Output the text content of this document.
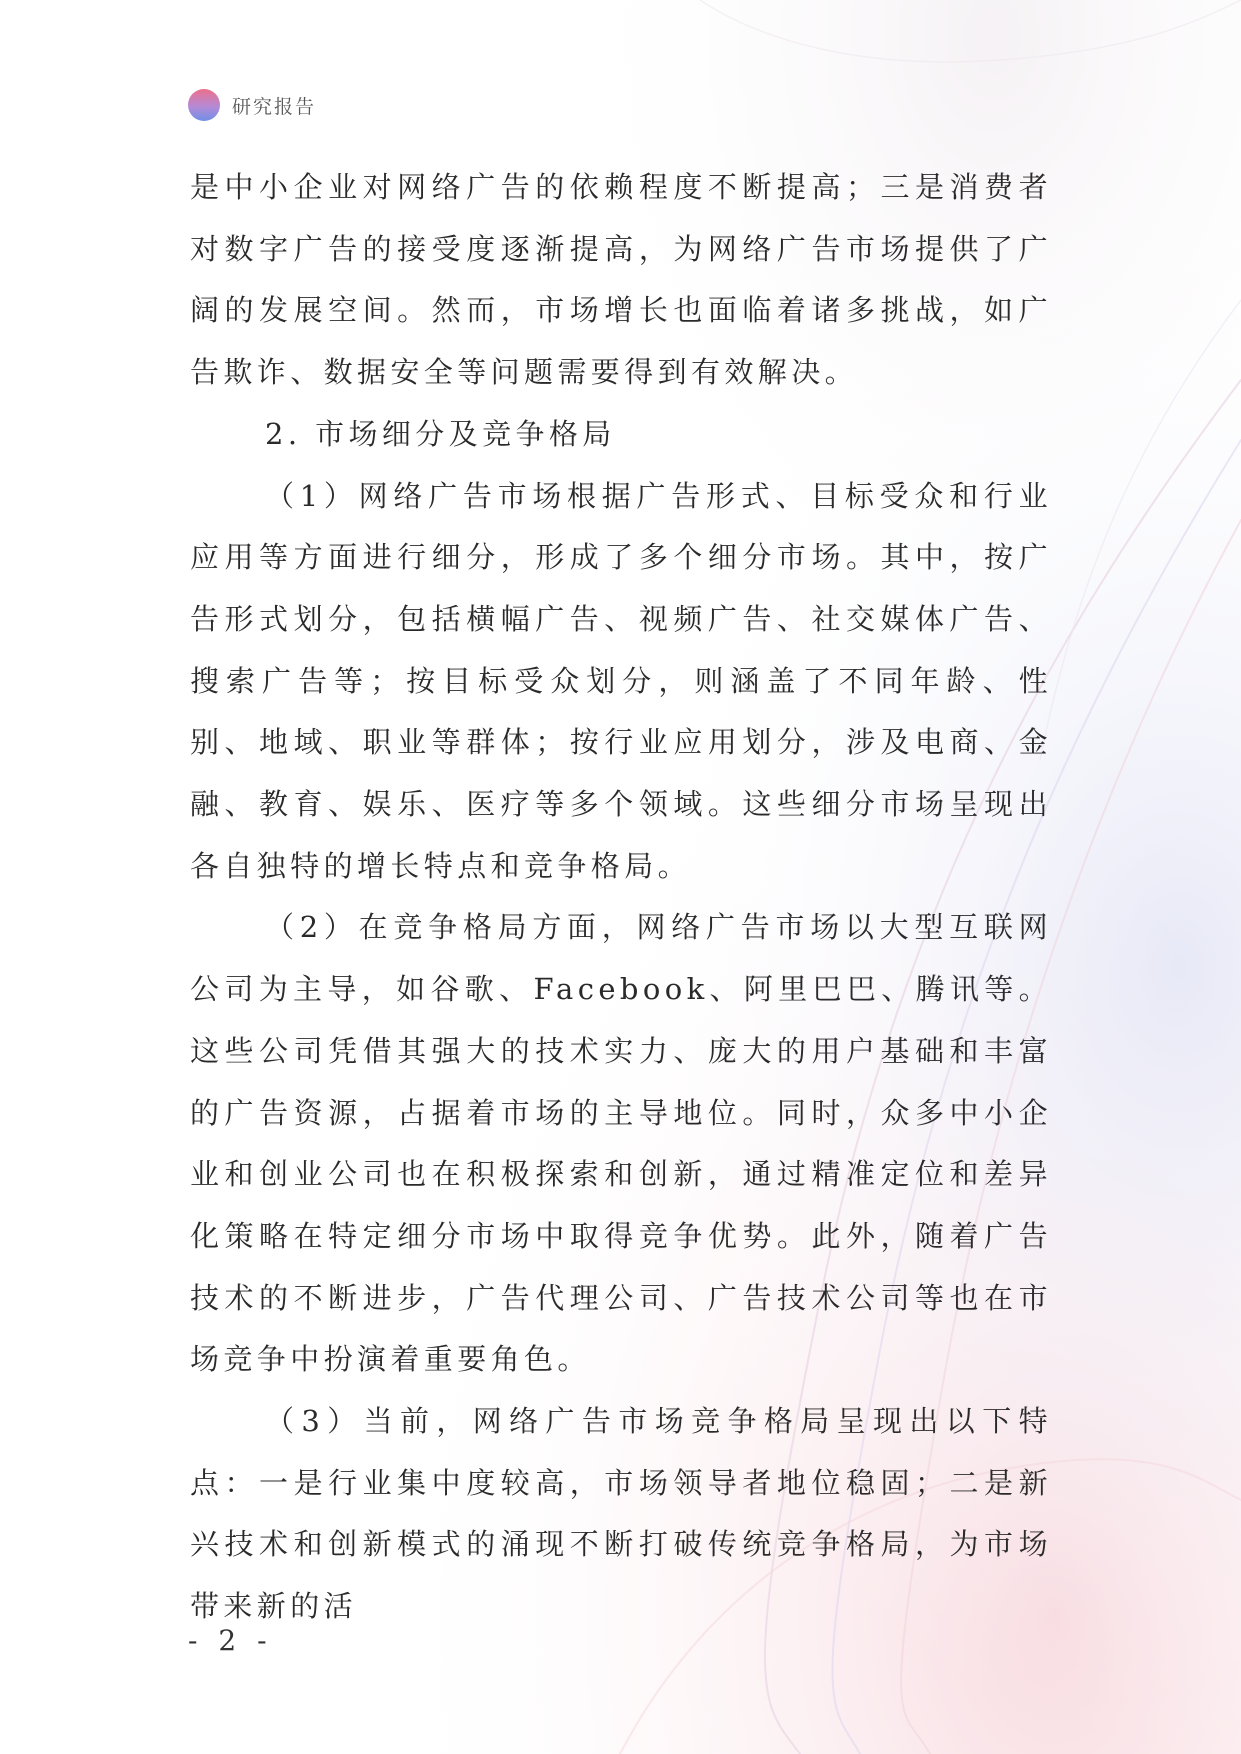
研究报告

是中小企业对网络广告的依赖程度不断提高；三是消费者对数字广告的接受度逐渐提高，为网络广告市场提供了广阔的发展空间。然而，市场增长也面临着诸多挑战，如广告欺诈、数据安全等问题需要得到有效解决。

2. 市场细分及竞争格局

（1）网络广告市场根据广告形式、目标受众和行业应用等方面进行细分，形成了多个细分市场。其中，按广告形式划分，包括横幅广告、视频广告、社交媒体广告、搜索广告等；按目标受众划分，则涵盖了不同年龄、性别、地域、职业等群体；按行业应用划分，涉及电商、金融、教育、娱乐、医疗等多个领域。这些细分市场呈现出各自独特的增长特点和竞争格局。

（2）在竞争格局方面，网络广告市场以大型互联网公司为主导，如谷歌、Facebook、阿里巴巴、腾讯等。这些公司凭借其强大的技术实力、庞大的用户基础和丰富的广告资源，占据着市场的主导地位。同时，众多中小企业和创业公司也在积极探索和创新，通过精准定位和差异化策略在特定细分市场中取得竞争优势。此外，随着广告技术的不断进步，广告代理公司、广告技术公司等也在市场竞争中扮演着重要角色。

（3）当前，网络广告市场竞争格局呈现出以下特点：一是行业集中度较高，市场领导者地位稳固；二是新兴技术和创新模式的涌现不断打破传统竞争格局，为市场带来新的活

- 2 -
